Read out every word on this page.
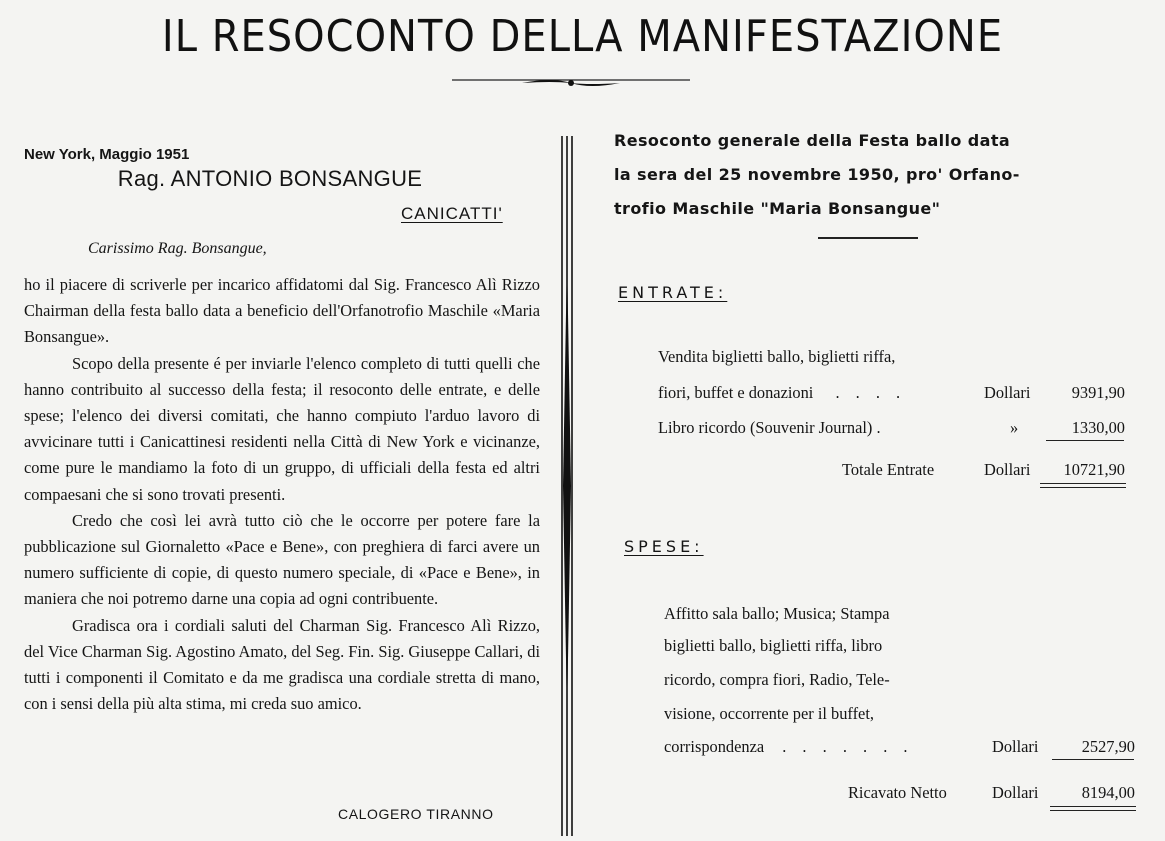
IL RESOCONTO DELLA MANIFESTAZIONE
New York, Maggio 1951
Rag. ANTONIO BONSANGUE
CANICATTI'
Carissimo Rag. Bonsangue,

ho il piacere di scriverle per incarico affidatomi dal Sig. Francesco Alì Rizzo Chairman della festa ballo data a beneficio dell'Orfanotrofio Maschile «Maria Bonsangue».

Scopo della presente é per inviarle l'elenco completo di tutti quelli che hanno contribuito al successo della festa; il resoconto delle entrate, e delle spese; l'elenco dei diversi comitati, che hanno compiuto l'arduo lavoro di avvicinare tutti i Canicattinesi residenti nella Città di New York e vicinanze, come pure le mandiamo la foto di un gruppo, di ufficiali della festa ed altri compaesani che si sono trovati presenti.

Credo che così lei avrà tutto ciò che le occorre per potere fare la pubblicazione sul Giornaletto «Pace e Bene», con preghiera di farci avere un numero sufficiente di copie, di questo numero speciale, di «Pace e Bene», in maniera che noi potremo darne una copia ad ogni contribuente.

Gradisca ora i cordiali saluti del Charman Sig. Francesco Alì Rizzo, del Vice Charman Sig. Agostino Amato, del Seg. Fin. Sig. Giuseppe Callari, di tutti i componenti il Comitato e da me gradisca una cordiale stretta di mano, con i sensi della più alta stima, mi creda suo amico.

CALOGERO TIRANNO
Resoconto generale della Festa ballo data
la sera del 25 novembre 1950, pro' Orfano-
trofio Maschile "Maria Bonsangue"
ENTRATE:
Vendita biglietti ballo, biglietti riffa,
fiori, buffet e donazioni . . . .	Dollari	9391,90
Libro ricordo (Souvenir Journal) .	»	1330,00
Totale Entrate	Dollari 10721,90
SPESE:
Affitto sala ballo; Musica; Stampa
biglietti ballo, biglietti riffa, libro
ricordo, compra fiori, Radio, Tele-
visione, occorrente per il buffet,
corrispondenza . . . . . . .	Dollari	2527,90
Ricavato Netto	Dollari	8194,00
